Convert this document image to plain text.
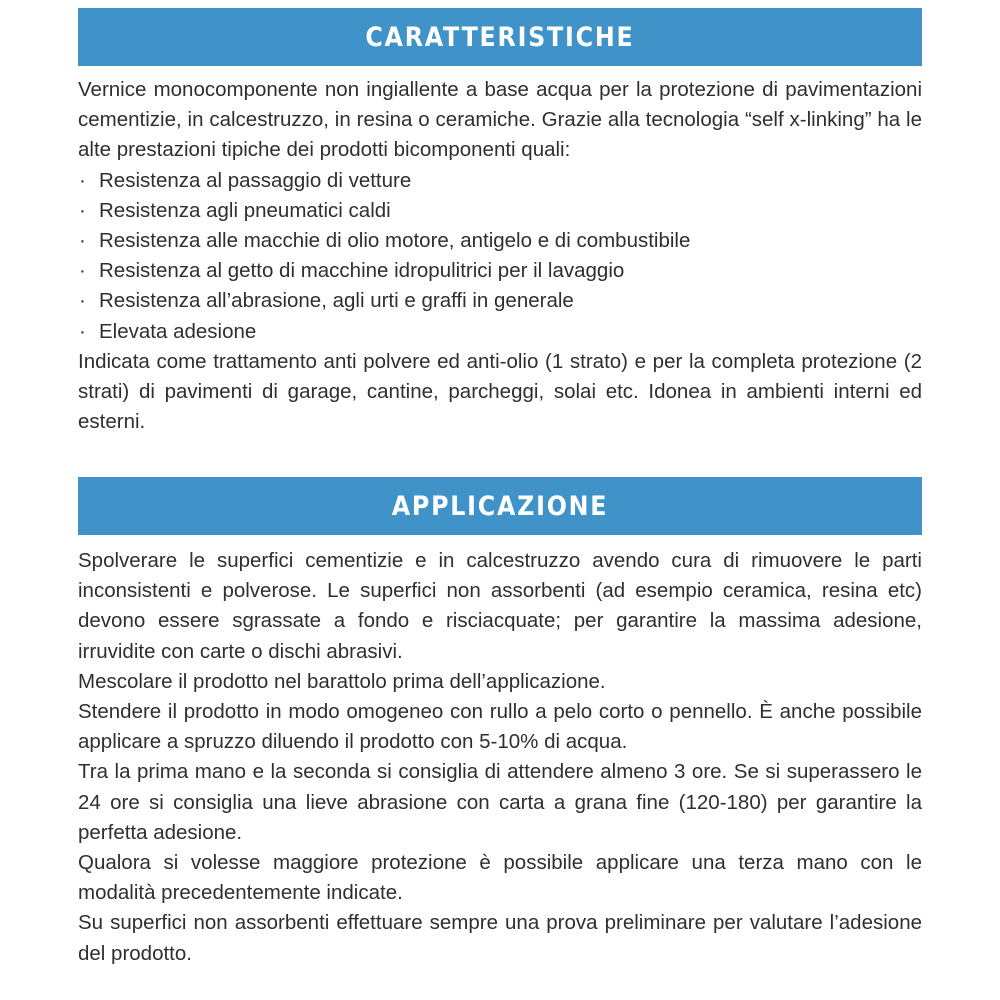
CARATTERISTICHE

Vernice monocomponente non ingiallente a base acqua per la protezione di pavimentazioni cementizie, in calcestruzzo, in resina o ceramiche. Grazie alla tecnologia “self x-linking” ha le alte prestazioni tipiche dei prodotti bicomponenti quali:

· Resistenza al passaggio di vetture
· Resistenza agli pneumatici caldi
· Resistenza alle macchie di olio motore, antigelo e di combustibile
· Resistenza al getto di macchine idropulitrici per il lavaggio
· Resistenza all’abrasione, agli urti e graffi in generale
· Elevata adesione

Indicata come trattamento anti polvere ed anti-olio (1 strato) e per la completa protezione (2 strati) di pavimenti di garage, cantine, parcheggi, solai etc. Idonea in ambienti interni ed esterni.

APPLICAZIONE

Spolverare le superfici cementizie e in calcestruzzo avendo cura di rimuovere le parti inconsistenti e polverose. Le superfici non assorbenti (ad esempio ceramica, resina etc) devono essere sgrassate a fondo e risciacquate; per garantire la massima adesione, irruvidite con carte o dischi abrasivi.

Mescolare il prodotto nel barattolo prima dell’applicazione.

Stendere il prodotto in modo omogeneo con rullo a pelo corto o pennello. È anche possibile applicare a spruzzo diluendo il prodotto con 5-10% di acqua.

Tra la prima mano e la seconda si consiglia di attendere almeno 3 ore. Se si superassero le 24 ore si consiglia una lieve abrasione con carta a grana fine (120-180) per garantire la perfetta adesione.

Qualora si volesse maggiore protezione è possibile applicare una terza mano con le modalità precedentemente indicate.

Su superfici non assorbenti effettuare sempre una prova preliminare per valutare l’adesione del prodotto.
